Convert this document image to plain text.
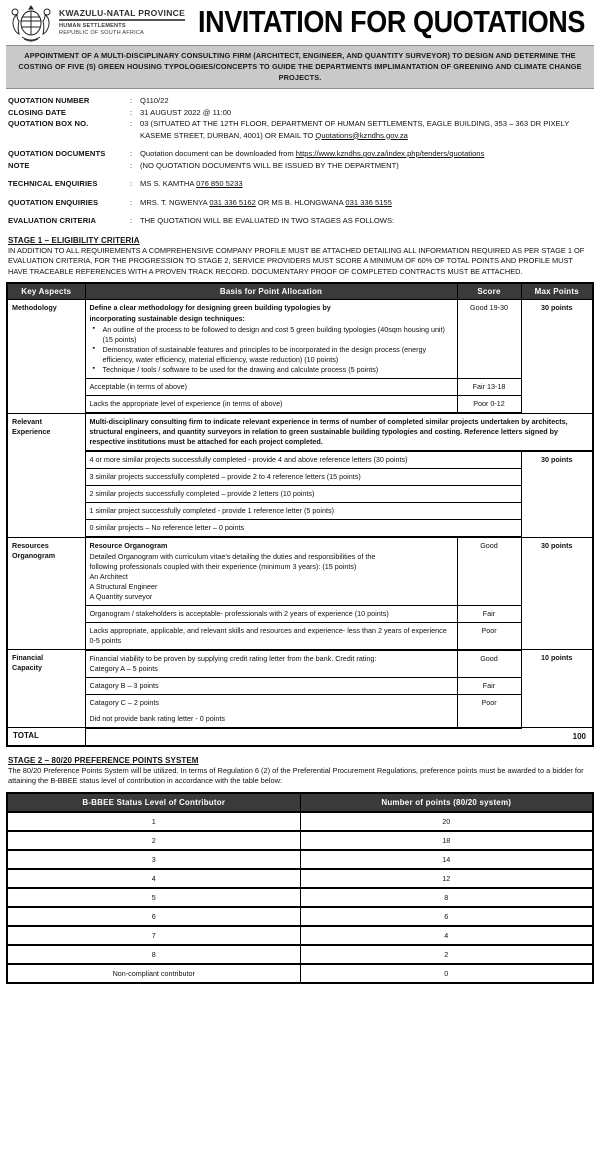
KWAZULU-NATAL PROVINCE
HUMAN SETTLEMENTS
REPUBLIC OF SOUTH AFRICA	INVITATION FOR QUOTATIONS
APPOINTMENT OF A MULTI-DISCIPLINARY CONSULTING FIRM (ARCHITECT, ENGINEER, AND QUANTITY SURVEYOR) TO DESIGN AND DETERMINE THE COSTING OF FIVE (5) GREEN HOUSING TYPOLOGIES/CONCEPTS TO GUIDE THE DEPARTMENTS IMPLIMANTATION OF GREENING AND CLIMATE CHANGE PROJECTS.
QUOTATION NUMBER	:	Q110/22
CLOSING DATE	:	31 AUGUST 2022 @ 11:00
QUOTATION BOX NO.	:	03 (SITUATED AT THE 12TH FLOOR, DEPARTMENT OF HUMAN SETTLEMENTS, EAGLE BUILDING, 353 – 363 DR PIXELY
KASEME STREET, DURBAN, 4001) OR EMAIL TO Quotations@kzndhs.gov.za
QUOTATION DOCUMENTS	:	Quotation document can be downloaded from https://www.kzndhs.gov.za/index.php/tenders/quotations
NOTE	:	(NO QUOTATION DOCUMENTS WILL BE ISSUED BY THE DEPARTMENT)
TECHNICAL ENQUIRIES	:	MS S. KAMTHA 076 850 5233
QUOTATION ENQUIRIES	:	MRS. T. NGWENYA 031 336 5162 OR MS B. HLONGWANA 031 336 5155
EVALUATION CRITERIA	:	THE QUOTATION WILL BE EVALUATED IN TWO STAGES AS FOLLOWS:
STAGE 1 – ELIGIBILITY CRITERIA
IN ADDITION TO ALL REQUIREMENTS A COMPREHENSIVE COMPANY PROFILE MUST BE ATTACHED DETAILING ALL INFORMATION REQUIRED AS PER STAGE 1 OF EVALUATION CRITERIA, FOR THE PROGRESSION TO STAGE 2, SERVICE PROVIDERS MUST SCORE A MINIMUM OF 60% OF TOTAL POINTS AND PROFILE MUST HAVE TRACEABLE REFERENCES WITH A PROVEN TRACK RECORD. DOCUMENTARY PROOF OF COMPLETED CONTRACTS MUST BE ATTACHED.
Key Aspects	Basis for Point Allocation	Score	Max Points
Methodology	Define a clear methodology for designing green building typologies by
incorporating sustainable design techniques:
▪ An outline of the process to be followed to design and cost 5 green building typologies (40sqm housing unit) (15 points)
▪ Demonstration of sustainable features and principles to be incorporated in the design process (energy efficiency, water efficiency, material efficiency, waste reduction) (10 points)
▪ Technique / tools / software to be used for the drawing and calculate process (5 points)
	Good 19-30	30 points
	Acceptable (in terms of above)	Fair 13-18	
	Lacks the appropriate level of experience (in terms of above)	Poor 0-12	
Relevant
Experience	Multi-disciplinary consulting firm to indicate relevant experience in terms of number of completed similar projects undertaken by architects, structural engineers, and quantity surveyors in relation to green sustainable building typologies and costing. Reference letters signed by respective institutions must be attached for each project completed.		
	4 or more similar projects successfully completed - provide 4 and above reference letters (30 points)		30 points
	3 similar projects successfully completed – provide 2 to 4 reference letters (15 points)		
	2 similar projects successfully completed – provide 2 letters (10 points)		
	1 similar project successfully completed - provide 1 reference letter (5 points)		
	0 similar projects – No reference letter – 0 points		
Resources
Organogram	
Resource Organogram
Detailed Organogram with curriculum vitae's detailing the duties and responsibilities of the
following professionals coupled with their experience (minimum 3 years): (15 points)
An Architect
A Structural Engineer
A Quantity surveyor
	Good	30 points
	Organogram / stakeholders is acceptable- professionals with 2 years of experience (10 points)	Fair	
	Lacks appropriate, applicable, and relevant skills and resources and experience- less than 2 years of experience 0-5 points	Poor	
Financial
Capacity	
Financial viability to be proven by supplying credit rating letter from the bank. Credit rating:
Category A – 5 points
	Good	10 points
	Catagory B – 3 points	Fair	

	Catagory C – 2 points
Did not provide bank rating letter - 0 points	Poor	
TOTAL	100		
STAGE 2 – 80/20 PREFERENCE POINTS SYSTEM
The 80/20 Preference Points System will be utilized. In terms of Regulation 6 (2) of the Preferential Procurement Regulations, preference points must be awarded to a bidder for attaining the B-BBEE status level of contribution in accordance with the table below:
B-BBEE Status Level of Contributor	Number of points (80/20 system)
1	20
2	18
3	14
4	12
5	8
6	6
7	4
8	2
Non-compliant contributor	0
